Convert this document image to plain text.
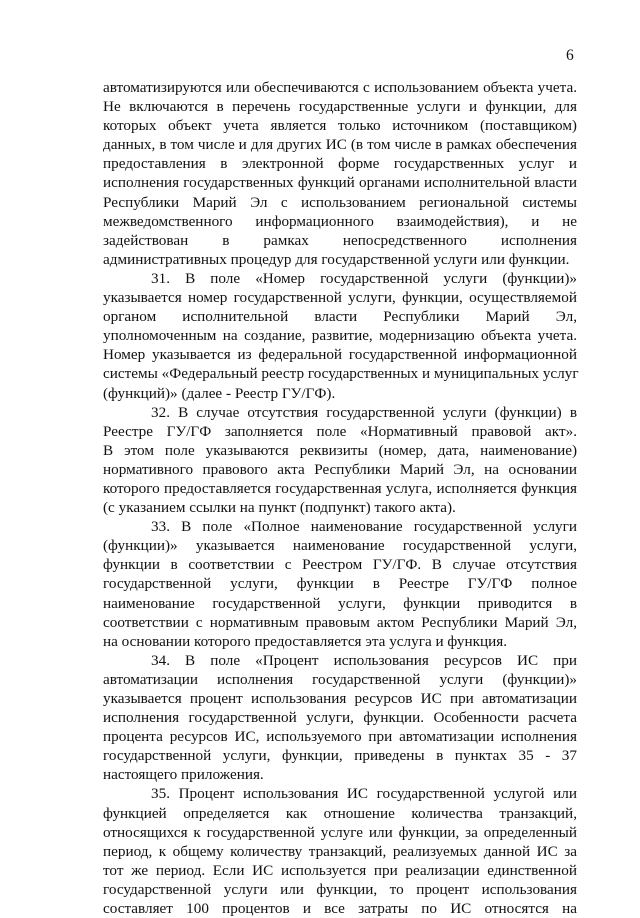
6
автоматизируются или обеспечиваются с использованием объекта учета.
Не включаются в перечень государственные услуги и функции, для
которых объект учета является только источником (поставщиком)
данных, в том числе и для других ИС (в том числе в рамках обеспечения
предоставления в электронной форме государственных услуг и
исполнения государственных функций органами исполнительной власти
Республики Марий Эл с использованием региональной системы
межведомственного информационного взаимодействия), и не
задействован в рамках непосредственного исполнения
административных процедур для государственной услуги или функции.
31. В поле «Номер государственной услуги (функции)»
указывается номер государственной услуги, функции, осуществляемой
органом исполнительной власти Республики Марий Эл,
уполномоченным на создание, развитие, модернизацию объекта учета.
Номер указывается из федеральной государственной информационной
системы «Федеральный реестр государственных и муниципальных услуг
(функций)» (далее - Реестр ГУ/ГФ).
32. В случае отсутствия государственной услуги (функции) в
Реестре ГУ/ГФ заполняется поле «Нормативный правовой акт».
В этом поле указываются реквизиты (номер, дата, наименование)
нормативного правового акта Республики Марий Эл, на основании
которого предоставляется государственная услуга, исполняется функция
(с указанием ссылки на пункт (подпункт) такого акта).
33. В поле «Полное наименование государственной услуги
(функции)» указывается наименование государственной услуги,
функции в соответствии с Реестром ГУ/ГФ. В случае отсутствия
государственной услуги, функции в Реестре ГУ/ГФ полное
наименование государственной услуги, функции приводится в
соответствии с нормативным правовым актом Республики Марий Эл,
на основании которого предоставляется эта услуга и функция.
34. В поле «Процент использования ресурсов ИС при
автоматизации исполнения государственной услуги (функции)»
указывается процент использования ресурсов ИС при автоматизации
исполнения государственной услуги, функции. Особенности расчета
процента ресурсов ИС, используемого при автоматизации исполнения
государственной услуги, функции, приведены в пунктах 35 - 37
настоящего приложения.
35. Процент использования ИС государственной услугой или
функцией определяется как отношение количества транзакций,
относящихся к государственной услуге или функции, за определенный
период, к общему количеству транзакций, реализуемых данной ИС за
тот же период. Если ИС используется при реализации единственной
государственной услуги или функции, то процент использования
составляет 100 процентов и все затраты по ИС относятся на
